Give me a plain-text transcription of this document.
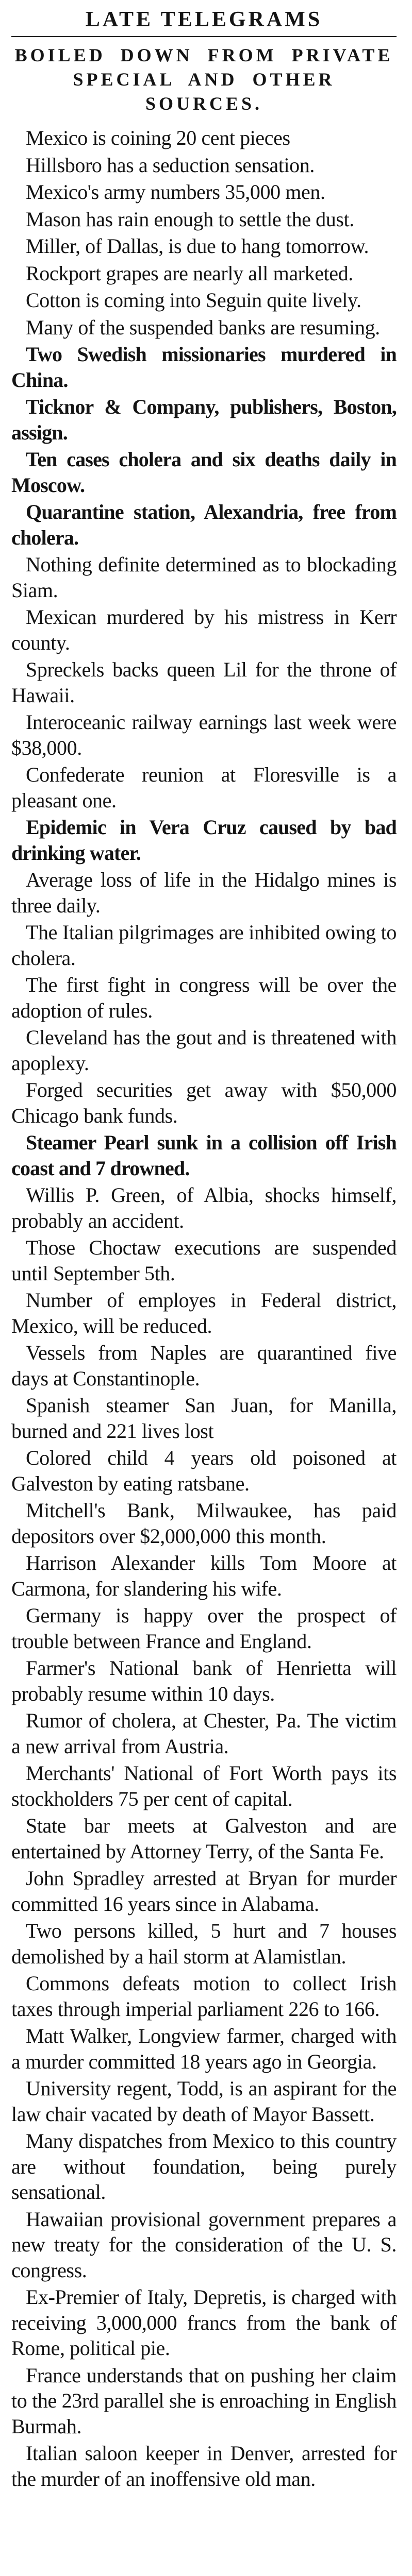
LATE TELEGRAMS
BOILED DOWN FROM PRIVATE SPECIAL AND OTHER SOURCES.

Mexico is coining 20 cent pieces

Hillsboro has a seduction sensation.

Mexico's army numbers 35,000 men.

Mason has rain enough to settle the dust.

Miller, of Dallas, is due to hang tomorrow.

Rockport grapes are nearly all marketed.

Cotton is coming into Seguin quite lively.

Many of the suspended banks are resuming.

Two Swedish missionaries murdered in China.

Ticknor & Company, publishers, Boston, assign.

Ten cases cholera and six deaths daily in Moscow.

Quarantine station, Alexandria, free from cholera.

Nothing definite determined as to blockading Siam.

Mexican murdered by his mistress in Kerr county.

Spreckels backs queen Lil for the throne of Hawaii.

Interoceanic railway earnings last week were $38,000.

Confederate reunion at Floresville is a pleasant one.

Epidemic in Vera Cruz caused by bad drinking water.

Average loss of life in the Hidalgo mines is three daily.

The Italian pilgrimages are inhibited owing to cholera.

The first fight in congress will be over the adoption of rules.

Cleveland has the gout and is threatened with apoplexy.

Forged securities get away with $50,000 Chicago bank funds.

Steamer Pearl sunk in a collision off Irish coast and 7 drowned.

Willis P. Green, of Albia, shocks himself, probably an accident.

Those Choctaw executions are suspended until September 5th.

Number of employes in Federal district, Mexico, will be reduced.

Vessels from Naples are quarantined five days at Constantinople.

Spanish steamer San Juan, for Manilla, burned and 221 lives lost

Colored child 4 years old poisoned at Galveston by eating ratsbane.

Mitchell's Bank, Milwaukee, has paid depositors over $2,000,000 this month.

Harrison Alexander kills Tom Moore at Carmona, for slandering his wife.

Germany is happy over the prospect of trouble between France and England.

Farmer's National bank of Henrietta will probably resume within 10 days.

Rumor of cholera, at Chester, Pa. The victim a new arrival from Austria.

Merchants' National of Fort Worth pays its stockholders 75 per cent of capital.

State bar meets at Galveston and are entertained by Attorney Terry, of the Santa Fe.

John Spradley arrested at Bryan for murder committed 16 years since in Alabama.

Two persons killed, 5 hurt and 7 houses demolished by a hail storm at Alamistlan.

Commons defeats motion to collect Irish taxes through imperial parliament 226 to 166.

Matt Walker, Longview farmer, charged with a murder committed 18 years ago in Georgia.

University regent, Todd, is an aspirant for the law chair vacated by death of Mayor Bassett.

Many dispatches from Mexico to this country are without foundation, being purely sensational.

Hawaiian provisional government prepares a new treaty for the consideration of the U. S. congress.

Ex-Premier of Italy, Depretis, is charged with receiving 3,000,000 francs from the bank of Rome, political pie.

France understands that on pushing her claim to the 23rd parallel she is enroaching in English Burmah.

Italian saloon keeper in Denver, arrested for the murder of an inoffensive old man.
